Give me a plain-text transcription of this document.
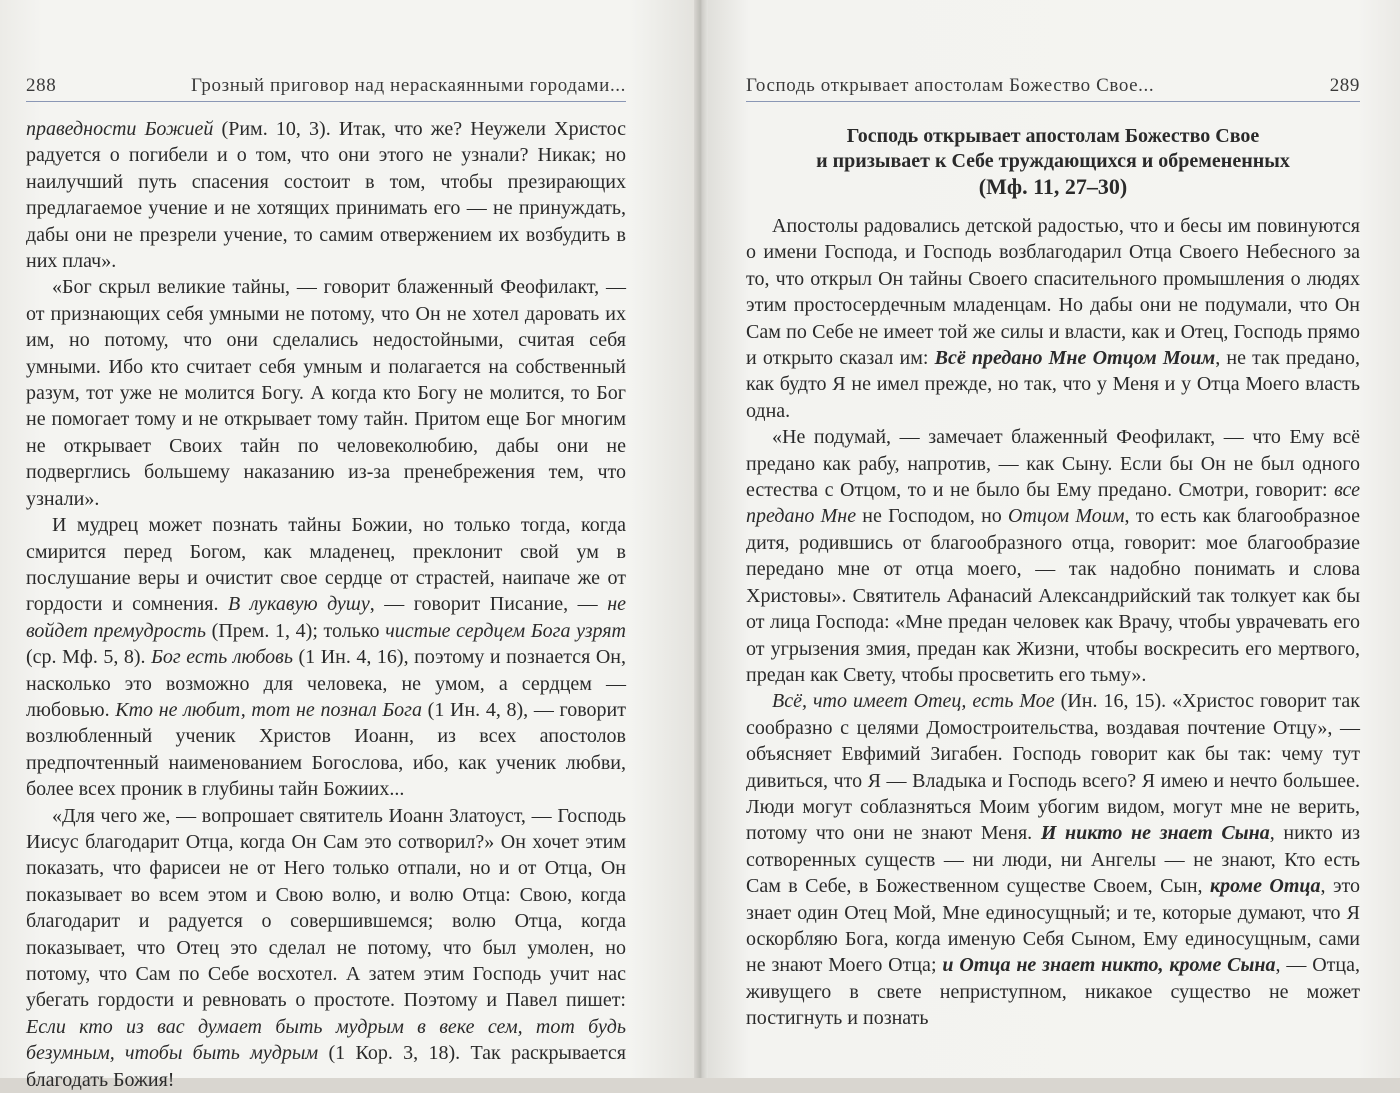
288	Грозный приговор над нераскаянными городами...

праведности Божией (Рим. 10, 3). Итак, что же? Неужели Христос радуется о погибели и о том, что они этого не узнали? Никак; но наилучший путь спасения состоит в том, чтобы презирающих предлагаемое учение и не хотящих принимать его — не принуждать, дабы они не презрели учение, то самим отвержением их возбудить в них плач».

«Бог скрыл великие тайны, — говорит блаженный Феофилакт, — от признающих себя умными не потому, что Он не хотел даровать их им, но потому, что они сделались недостойными, считая себя умными. Ибо кто считает себя умным и полагается на собственный разум, тот уже не молится Богу. А когда кто Богу не молится, то Бог не помогает тому и не открывает тому тайн. Притом еще Бог многим не открывает Своих тайн по человеколюбию, дабы они не подверглись большему наказанию из-за пренебрежения тем, что узнали».

И мудрец может познать тайны Божии, но только тогда, когда смирится перед Богом, как младенец, преклонит свой ум в послушание веры и очистит свое сердце от страстей, наипаче же от гордости и сомнения. В лукавую душу, — говорит Писание, — не войдет премудрость (Прем. 1, 4); только чистые сердцем Бога узрят (ср. Мф. 5, 8). Бог есть любовь (1 Ин. 4, 16), поэтому и познается Он, насколько это возможно для человека, не умом, а сердцем — любовью. Кто не любит, тот не познал Бога (1 Ин. 4, 8), — говорит возлюбленный ученик Христов Иоанн, из всех апостолов предпочтенный наименованием Богослова, ибо, как ученик любви, более всех проник в глубины тайн Божиих...

«Для чего же, — вопрошает святитель Иоанн Златоуст, — Господь Иисус благодарит Отца, когда Он Сам это сотворил?» Он хочет этим показать, что фарисеи не от Него только отпали, но и от Отца, Он показывает во всем этом и Свою волю, и волю Отца: Свою, когда благодарит и радуется о совершившемся; волю Отца, когда показывает, что Отец это сделал не потому, что был умолен, но потому, что Сам по Себе восхотел. А затем этим Господь учит нас убегать гордости и ревновать о простоте. Поэтому и Павел пишет: Если кто из вас думает быть мудрым в веке сем, тот будь безумным, чтобы быть мудрым (1 Кор. 3, 18). Так раскрывается благодать Божия!

Господь открывает апостолам Божество Свое...	289
Господь открывает апостолам Божество Свое
и призывает к Себе труждающихся и обремененных
(Мф. 11, 27–30)

Апостолы радовались детской радостью, что и бесы им повинуются о имени Господа, и Господь возблагодарил Отца Своего Небесного за то, что открыл Он тайны Своего спасительного промышления о людях этим простосердечным младенцам. Но дабы они не подумали, что Он Сам по Себе не имеет той же силы и власти, как и Отец, Господь прямо и открыто сказал им: Всё предано Мне Отцом Моим, не так предано, как будто Я не имел прежде, но так, что у Меня и у Отца Моего власть одна.

«Не подумай, — замечает блаженный Феофилакт, — что Ему всё предано как рабу, напротив, — как Сыну. Если бы Он не был одного естества с Отцом, то и не было бы Ему предано. Смотри, говорит: все предано Мне не Господом, но Отцом Моим, то есть как благообразное дитя, родившись от благообразного отца, говорит: мое благообразие передано мне от отца моего, — так надобно понимать и слова Христовы». Святитель Афанасий Александрийский так толкует как бы от лица Господа: «Мне предан человек как Врачу, чтобы уврачевать его от угрызения змия, предан как Жизни, чтобы воскресить его мертвого, предан как Свету, чтобы просветить его тьму».

Всё, что имеет Отец, есть Мое (Ин. 16, 15). «Христос говорит так сообразно с целями Домостроительства, воздавая почтение Отцу», — объясняет Евфимий Зигабен. Господь говорит как бы так: чему тут дивиться, что Я — Владыка и Господь всего? Я имею и нечто большее. Люди могут соблазняться Моим убогим видом, могут мне не верить, потому что они не знают Меня. И никто не знает Сына, никто из сотворенных существ — ни люди, ни Ангелы — не знают, Кто есть Сам в Себе, в Божественном существе Своем, Сын, кроме Отца, это знает один Отец Мой, Мне единосущный; и те, которые думают, что Я оскорбляю Бога, когда именую Себя Сыном, Ему единосущным, сами не знают Моего Отца; и Отца не знает никто, кроме Сына, — Отца, живущего в свете неприступном, никакое существо не может постигнуть и познать
